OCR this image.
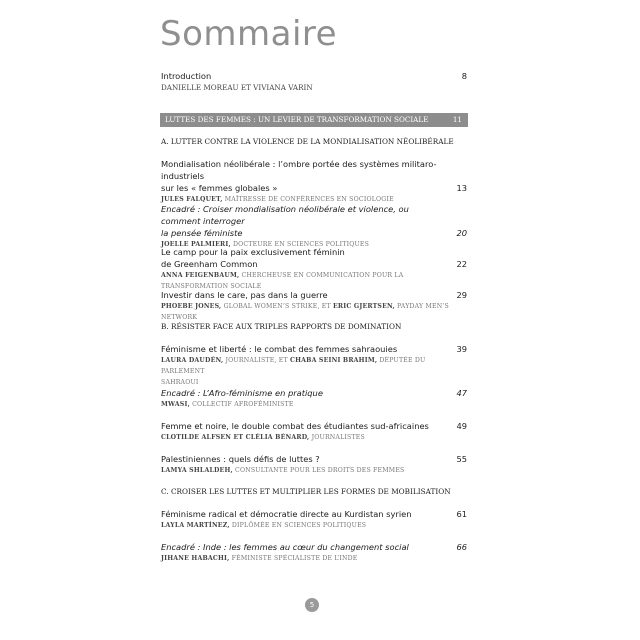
Sommaire
Introduction	8
DANIELLE MOREAU ET VIVIANA VARIN
LUTTES DES FEMMES : UN LEVIER DE TRANSFORMATION SOCIALE	11
A. LUTTER CONTRE LA VIOLENCE DE LA MONDIALISATION NÉOLIBÉRALE
Mondialisation néolibérale : l’ombre portée des systèmes militaro-industriels
sur les « femmes globales »	13
JULES FALQUET, MAÎTRESSE DE CONFÉRENCES EN SOCIOLOGIE
Encadré : Croiser mondialisation néolibérale et violence, ou comment interroger
la pensée féministe	20
JOELLE PALMIERI, DOCTEURE EN SCIENCES POLITIQUES
Le camp pour la paix exclusivement féminin
de Greenham Common	22
ANNA FEIGENBAUM, CHERCHEUSE EN COMMUNICATION POUR LA TRANSFORMATION SOCIALE
Investir dans le care, pas dans la guerre	29
PHOEBE JONES, GLOBAL WOMEN’S STRIKE, ET ERIC GJERTSEN, PAYDAY MEN’S NETWORK
B. RÉSISTER FACE AUX TRIPLES RAPPORTS DE DOMINATION
Féminisme et liberté : le combat des femmes sahraouies	39
LAURA DAUDÉN, JOURNALISTE, ET CHABA SEINI BRAHIM, DÉPUTÉE DU PARLEMENT
SAHRAOUI
Encadré : L’Afro-féminisme en pratique	47
MWASI, COLLECTIF AFROFÉMINISTE
Femme et noire, le double combat des étudiantes sud-africaines	49
CLOTILDE ALFSEN ET CLÉLIA BÉNARD, JOURNALISTES
Palestiniennes : quels défis de luttes ?	55
LAMYA SHLALDEH, CONSULTANTE POUR LES DROITS DES FEMMES
C. CROISER LES LUTTES ET MULTIPLIER LES FORMES DE MOBILISATION
Féminisme radical et démocratie directe au Kurdistan syrien	61
LAYLA MARTÍNEZ, DIPLÔMÉE EN SCIENCES POLITIQUES
Encadré : Inde : les femmes au cœur du changement social	66
JIHANE HABACHI, FÉMINISTE SPÉCIALISTE DE L’INDE
5
